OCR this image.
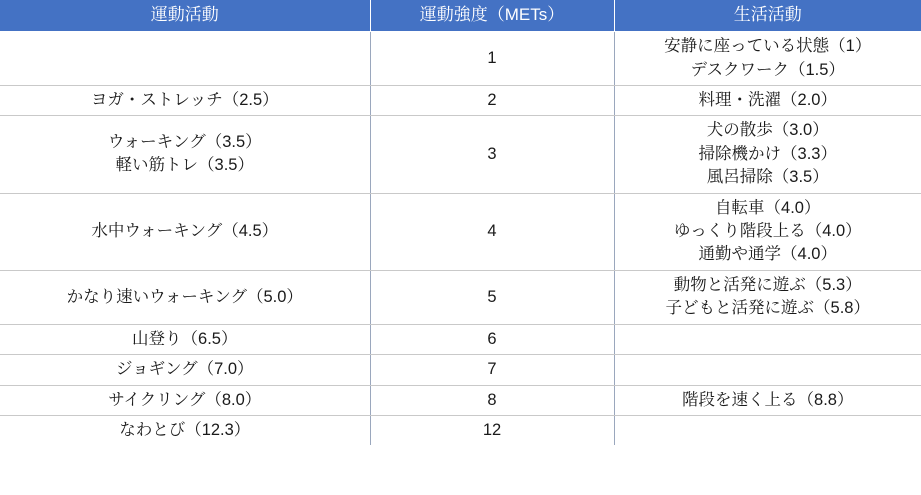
運動活動	運動強度（METs）	生活活動

	1	安静に座っている状態（1）
デスクワーク（1.5）

ヨガ・ストレッチ（2.5）	2	料理・洗濯（2.0）

ウォーキング（3.5）
軽い筋トレ（3.5）	3	犬の散歩（3.0）
掃除機かけ（3.3）
風呂掃除（3.5）

水中ウォーキング（4.5）	4	自転車（4.0）
ゆっくり階段上る（4.0）
通勤や通学（4.0）

かなり速いウォーキング（5.0）	5	動物と活発に遊ぶ（5.3）
子どもと活発に遊ぶ（5.8）

山登り（6.5）	6	

ジョギング（7.0）	7	

サイクリング（8.0）	8	階段を速く上る（8.8）

なわとび（12.3）	12	
